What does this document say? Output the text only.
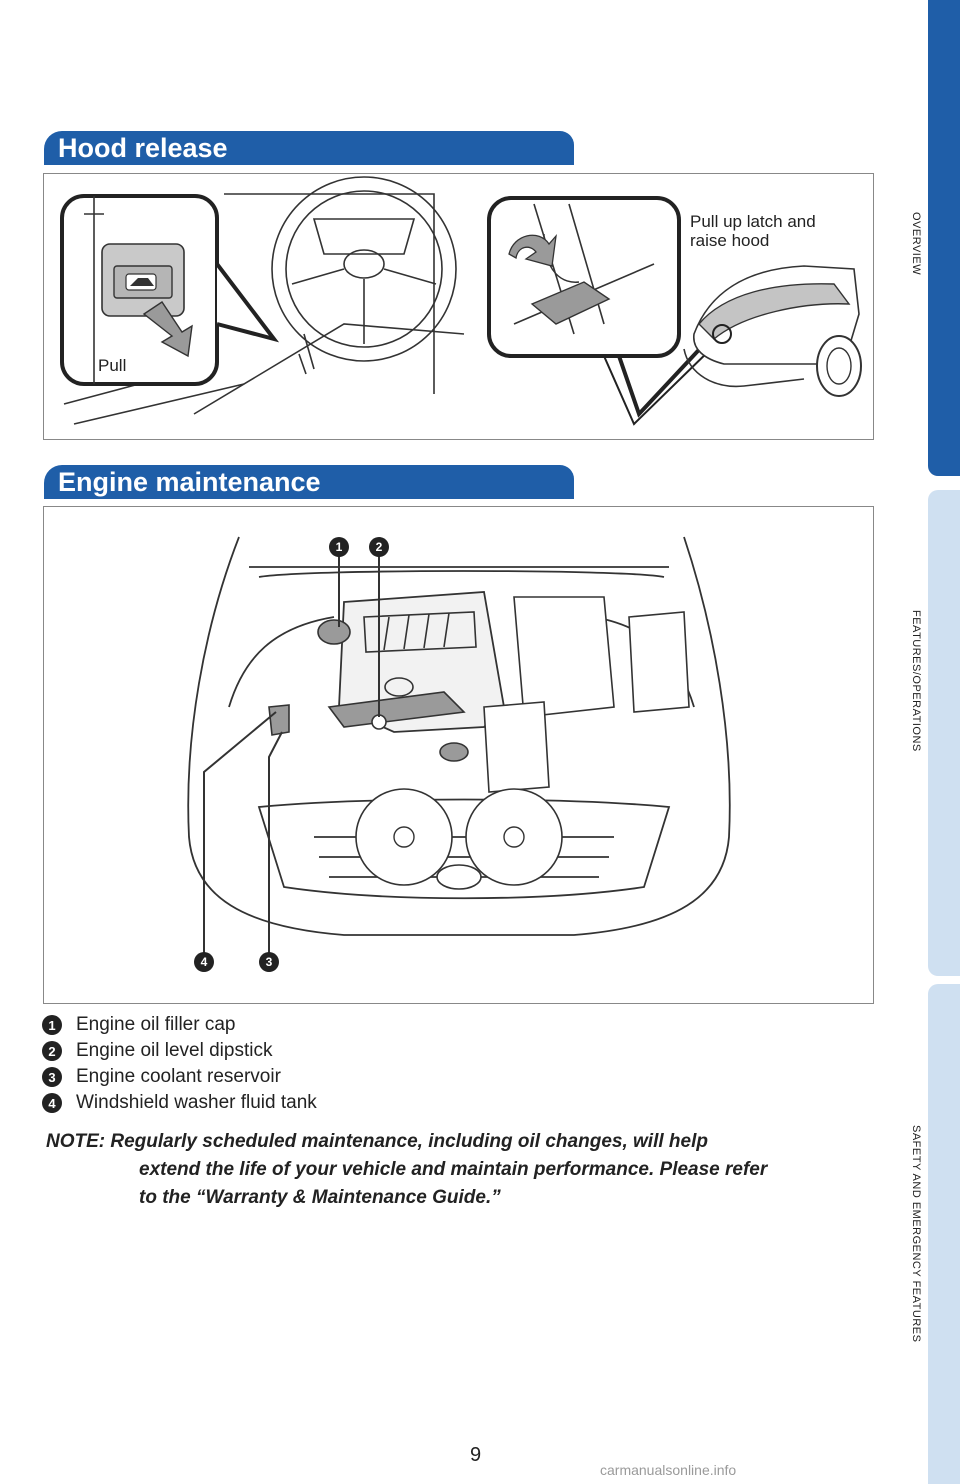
OVERVIEW
FEATURES/OPERATIONS
SAFETY AND EMERGENCY FEATURES
Hood release
Pull
Pull up latch and
raise hood
Engine maintenance
1	2
3
4
1	Engine oil filler cap
2	Engine oil level dipstick
3	Engine coolant reservoir
4	Windshield washer fluid tank
NOTE: Regularly scheduled maintenance, including oil changes, will help
extend the life of your vehicle and maintain performance. Please refer
to the “Warranty & Maintenance Guide.”
9
carmanualsonline.info
